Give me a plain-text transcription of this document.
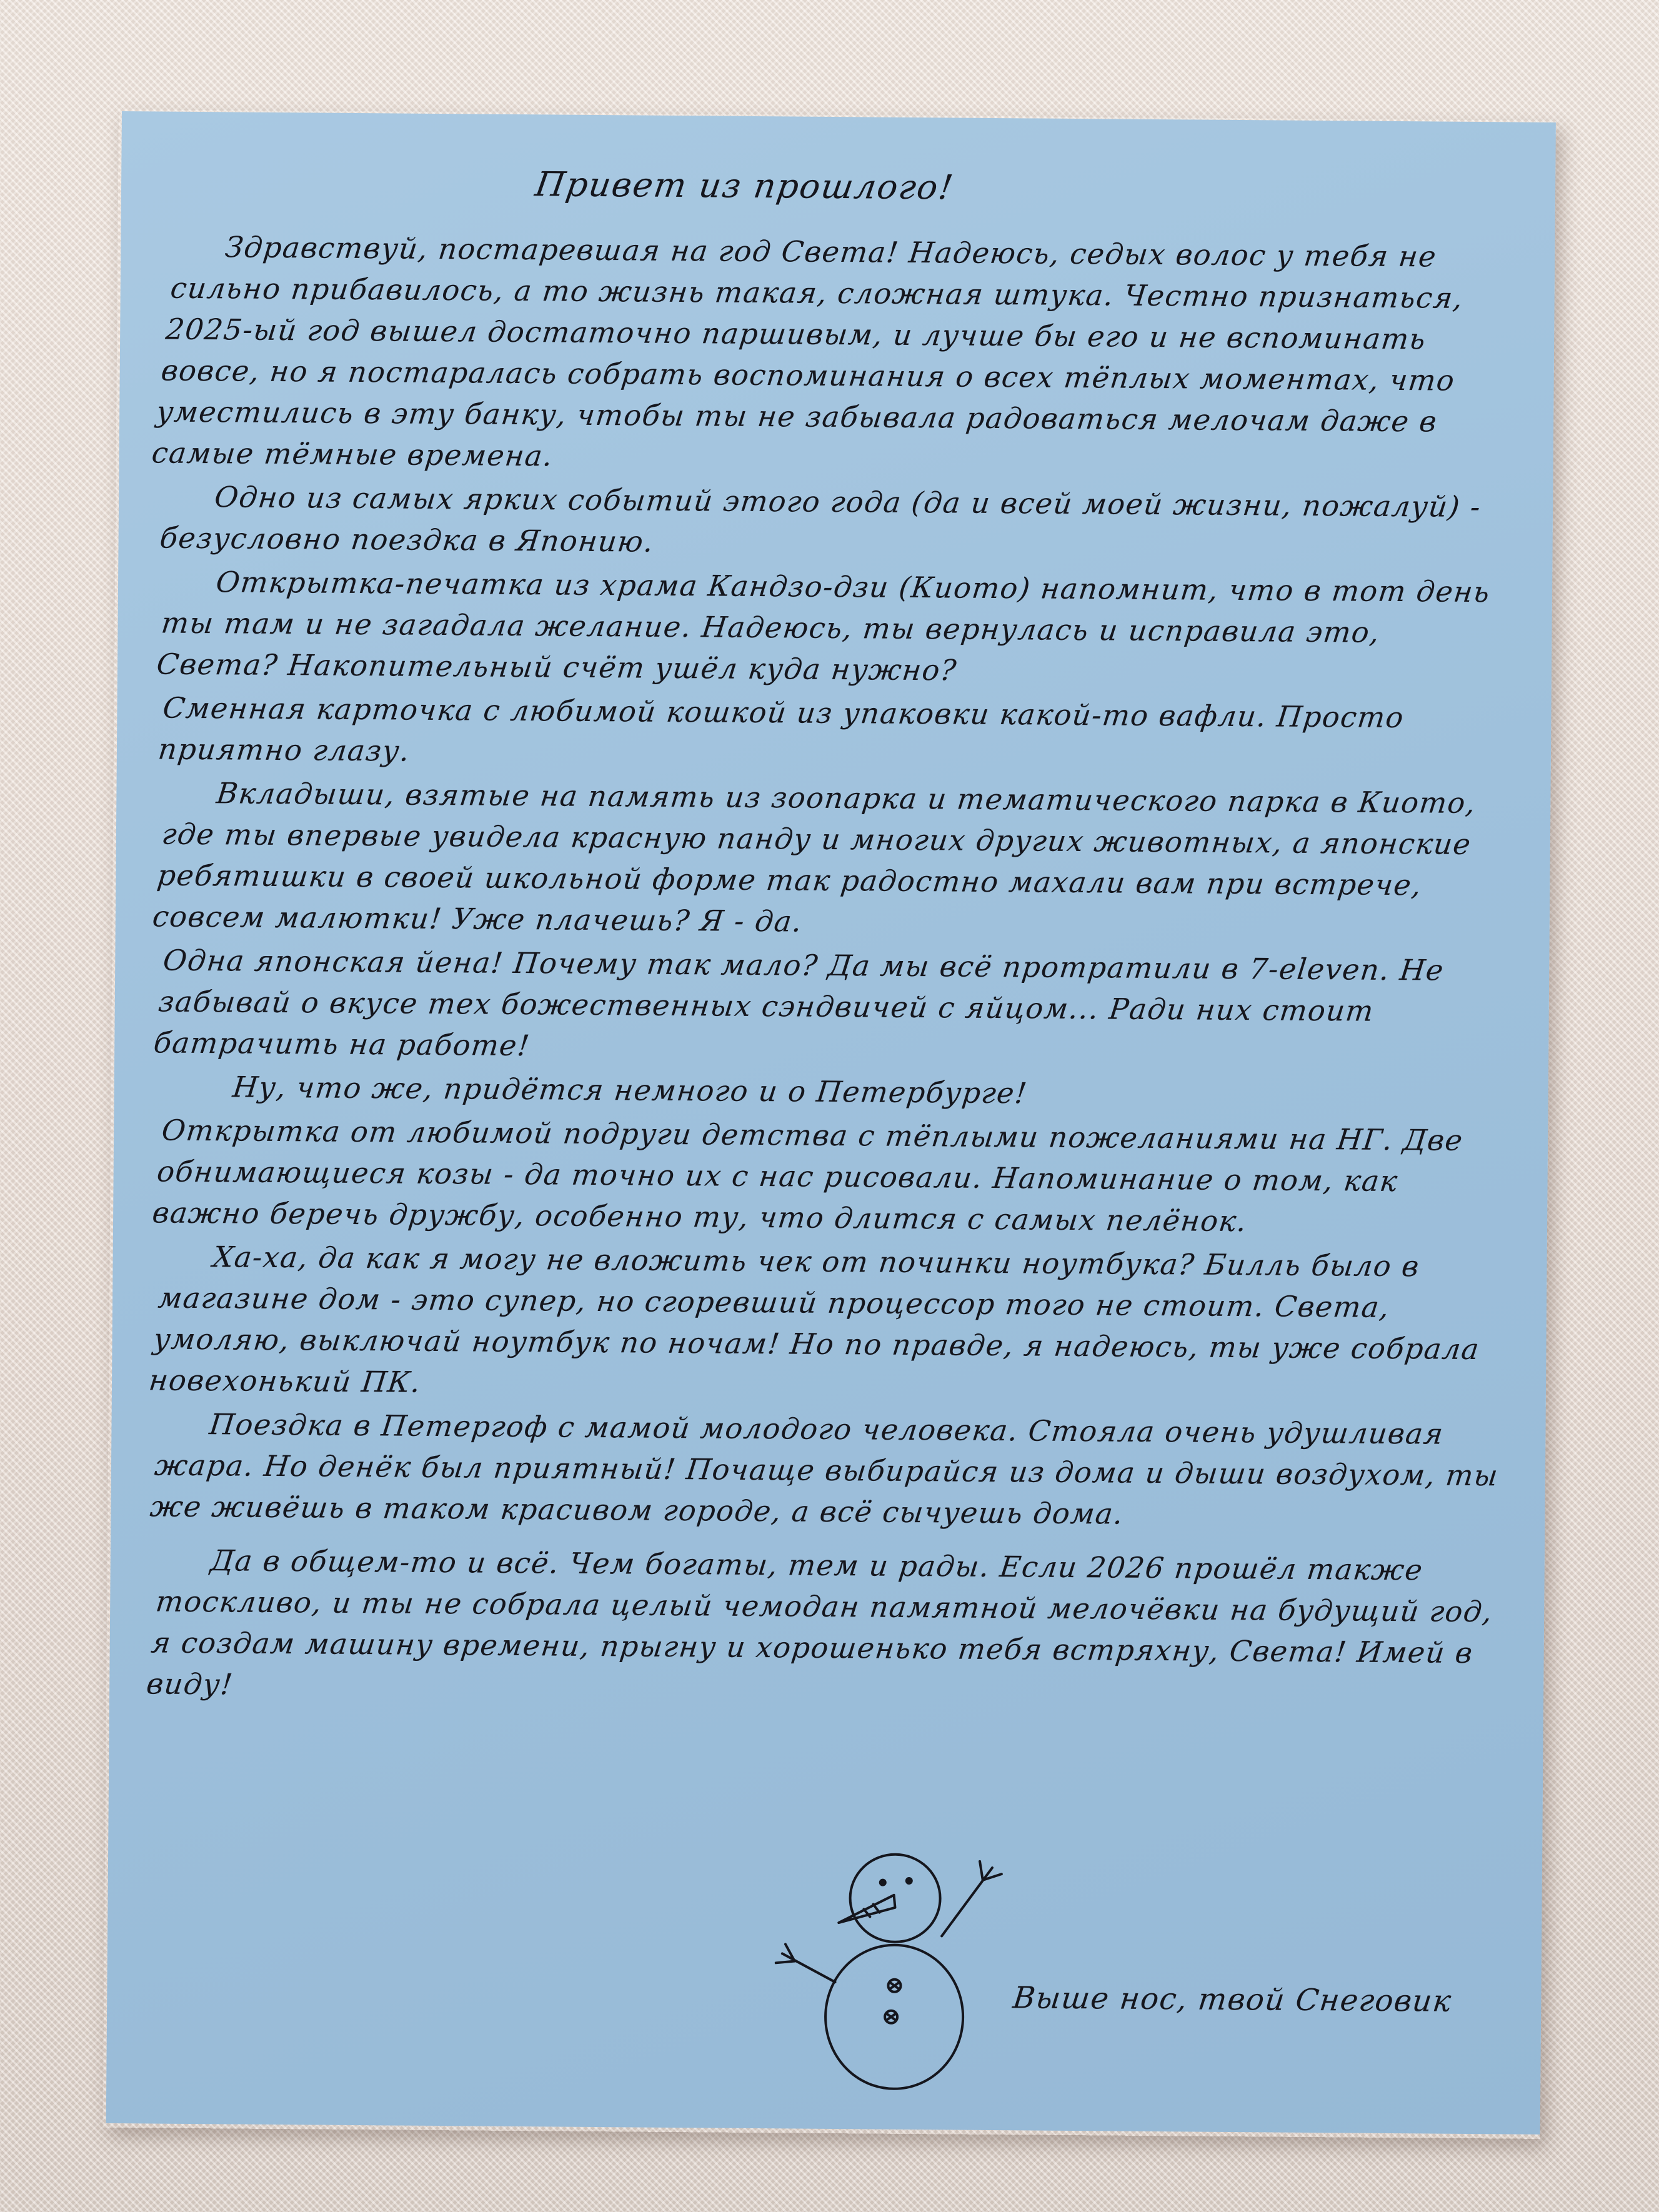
Привет из прошлого!

Здравствуй, постаревшая на год Света! Надеюсь, седых волос у тебя не сильно прибавилось, а то жизнь такая, сложная штука. Честно признаться, 2025-ый год вышел достаточно паршивым, и лучше бы его и не вспоминать вовсе, но я постаралась собрать воспоминания о всех тёплых моментах, что уместились в эту банку, чтобы ты не забывала радоваться мелочам даже в самые тёмные времена.

Одно из самых ярких событий этого года (да и всей моей жизни, пожалуй) - безусловно поездка в Японию.

Открытка-печатка из храма Кандзо-дзи (Киото) напомнит, что в тот день ты там и не загадала желание. Надеюсь, ты вернулась и исправила это, Света? Накопительный счёт ушёл куда нужно?

Сменная карточка с любимой кошкой из упаковки какой-то вафли. Просто приятно глазу.

Вкладыши, взятые на память из зоопарка и тематического парка в Киото, где ты впервые увидела красную панду и многих других животных, а японские ребятишки в своей школьной форме так радостно махали вам при встрече, совсем малютки! Уже плачешь? Я - да.

Одна японская йена! Почему так мало? Да мы всё протратили в 7-eleven. Не забывай о вкусе тех божественных сэндвичей с яйцом... Ради них стоит батрачить на работе!

Ну, что же, придётся немного и о Петербурге!

Открытка от любимой подруги детства с тёплыми пожеланиями на НГ. Две обнимающиеся козы - да точно их с нас рисовали. Напоминание о том, как важно беречь дружбу, особенно ту, что длится с самых пелёнок.

Ха-ха, да как я могу не вложить чек от починки ноутбука? Билль было в магазине дом - это супер, но сгоревший процессор того не стоит. Света, умоляю, выключай ноутбук по ночам! Но по правде, я надеюсь, ты уже собрала новехонький ПК.

Поездка в Петергоф с мамой молодого человека. Стояла очень удушливая жара. Но денёк был приятный! Почаще выбирайся из дома и дыши воздухом, ты же живёшь в таком красивом городе, а всё сычуешь дома.

Да в общем-то и всё. Чем богаты, тем и рады. Если 2026 прошёл также тоскливо, и ты не собрала целый чемодан памятной мелочёвки на будущий год, я создам машину времени, прыгну и хорошенько тебя встряхну, Света! Имей в виду!

Выше нос, твой Снеговик
